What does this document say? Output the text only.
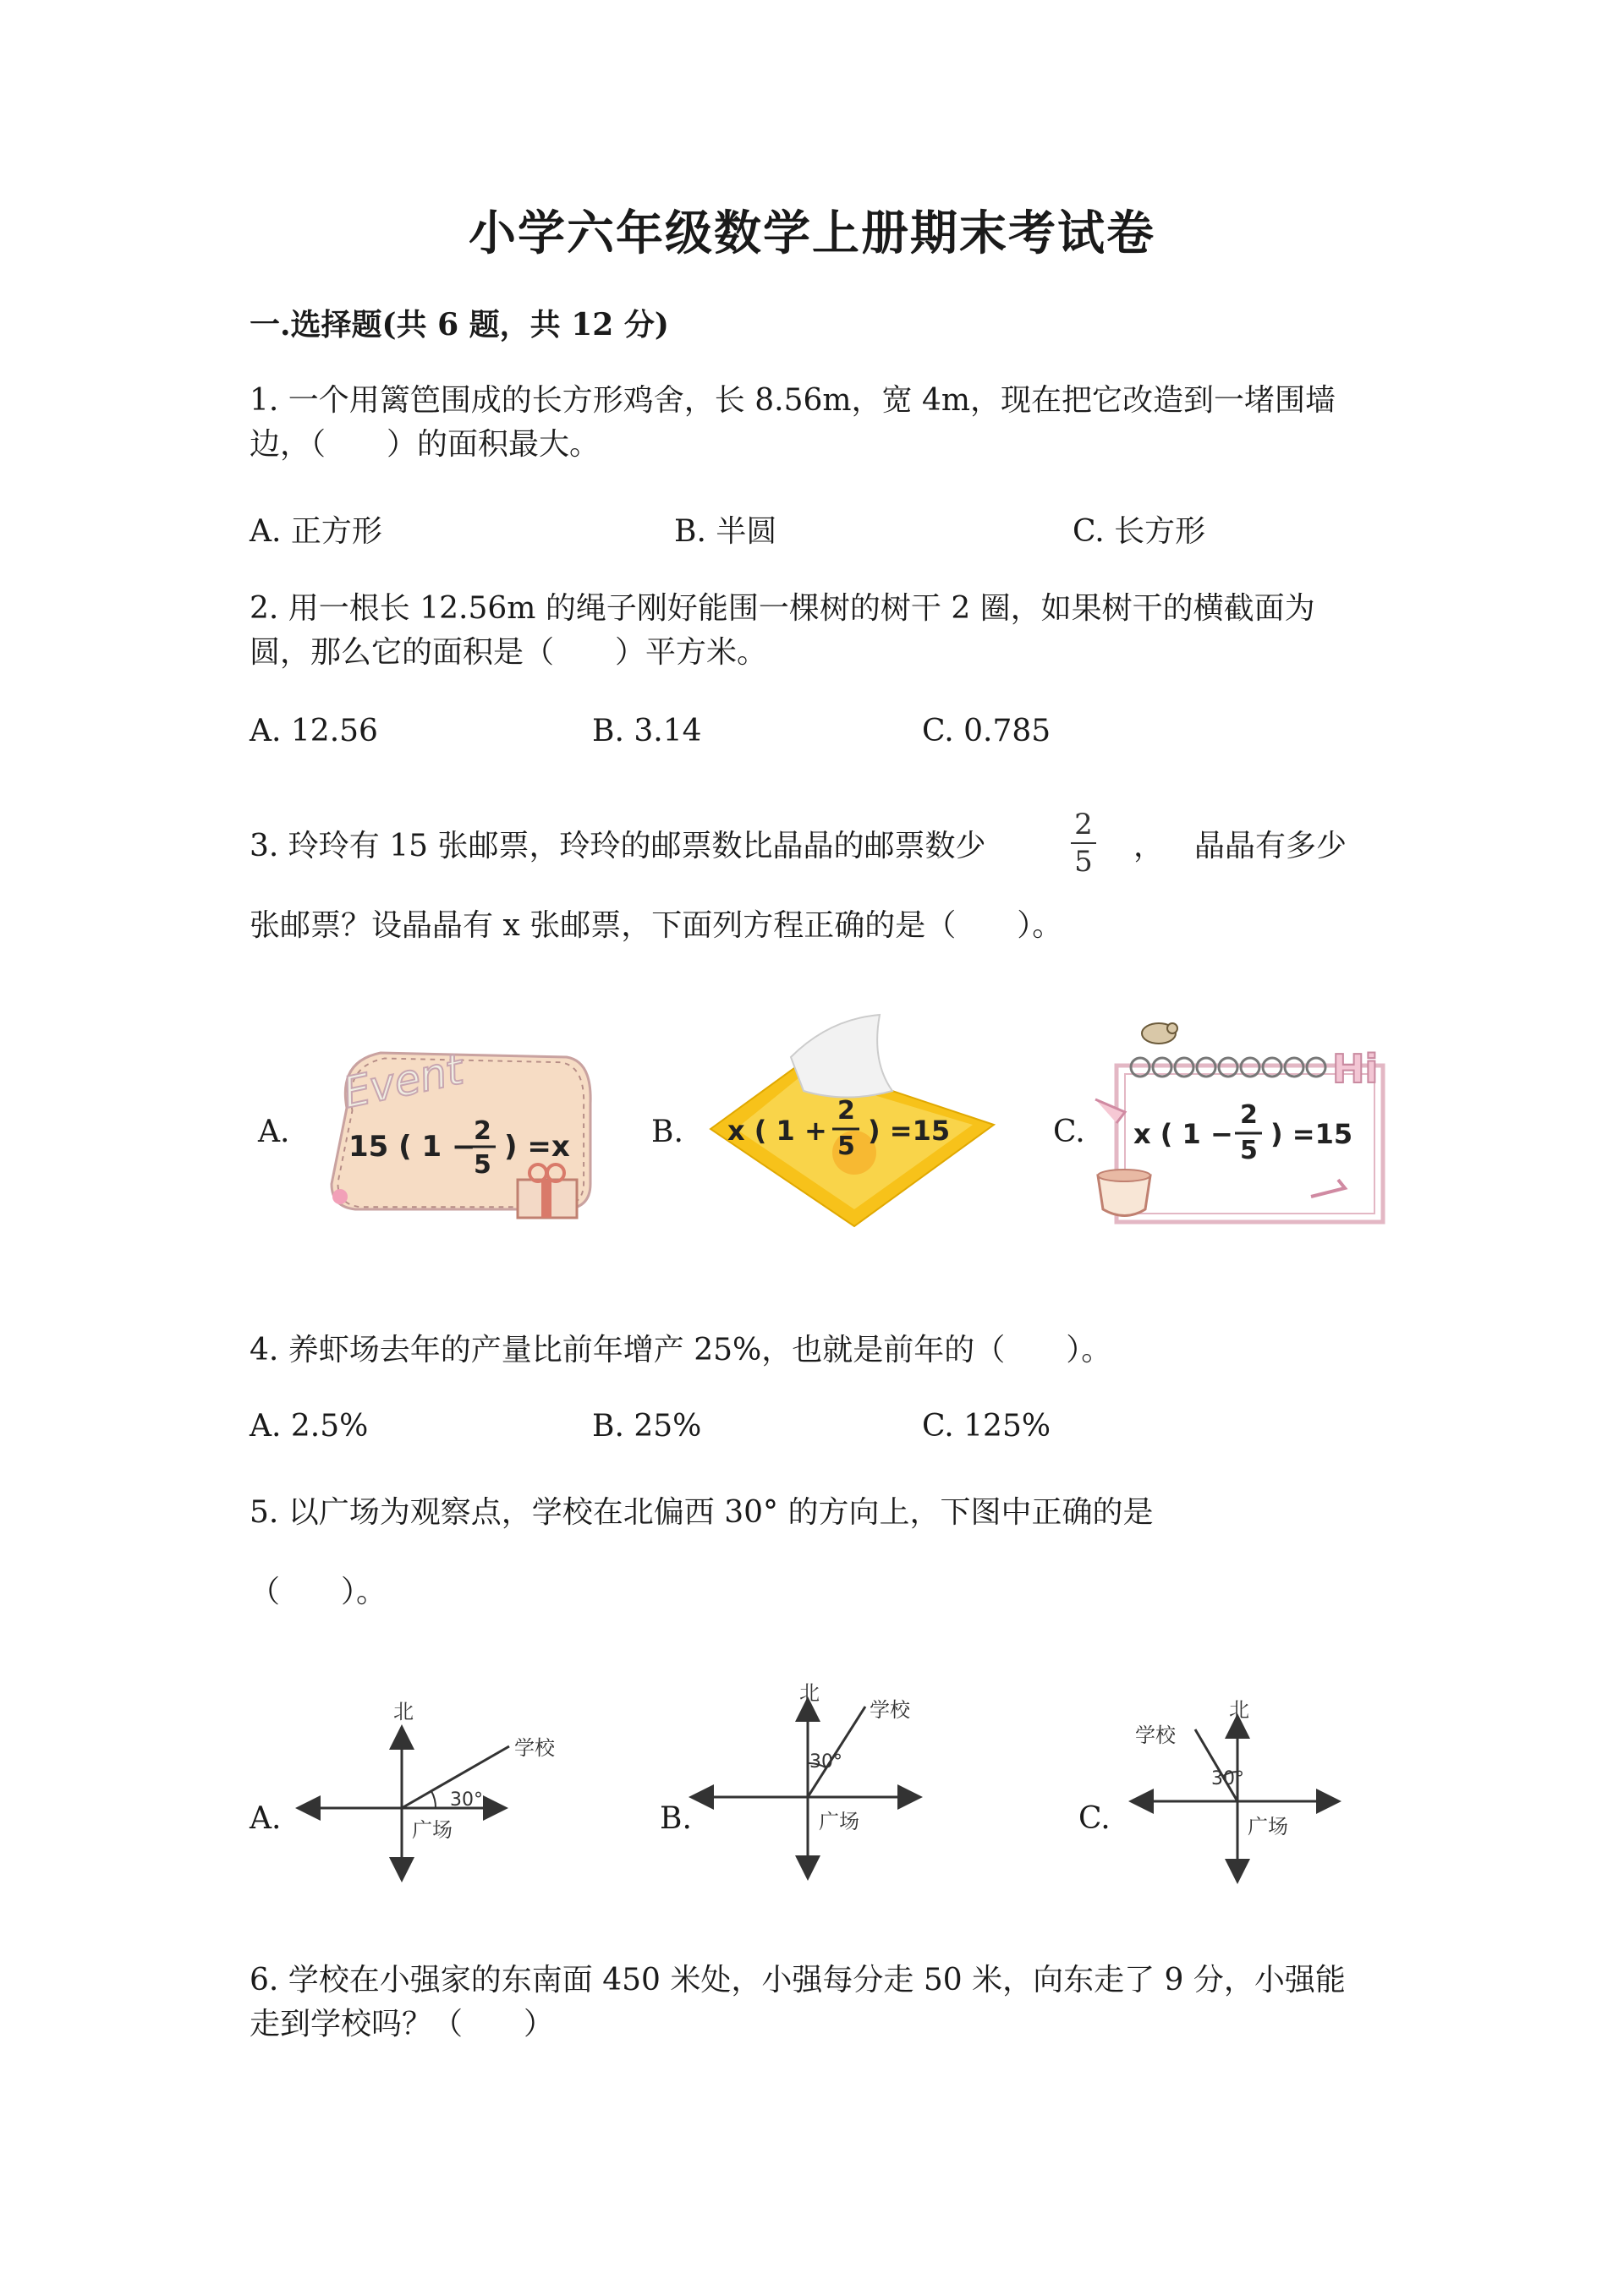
小学六年级数学上册期末考试卷
一.选择题(共 6 题，共 12 分)
1. 一个用篱笆围成的长方形鸡舍，长 8.56m，宽 4m，现在把它改造到一堵围墙
边，（　　）的面积最大。
A. 正方形	B. 半圆	C. 长方形
2. 用一根长 12.56m 的绳子刚好能围一棵树的树干 2 圈，如果树干的横截面为
圆，那么它的面积是（　　）平方米。
A. 12.56	B. 3.14	C. 0.785
3. 玲玲有 15 张邮票，玲玲的邮票数比晶晶的邮票数少
2
5 ， 晶晶有多少
张邮票？设晶晶有 x 张邮票，下面列方程正确的是（　　）。
A.	B.	C.
Event
15 ( 1 −
2
5
) =x	x ( 1 +
2
5 ) =15
Hi
x ( 1 −
2
5
) =15
4. 养虾场去年的产量比前年增产 25%，也就是前年的（　　）。
A. 2.5%	B. 25%	C. 125%
5. 以广场为观察点，学校在北偏西 30° 的方向上，下图中正确的是
（　　）。
A.	B.	C.
北
学校
广场
30°
北
学校
广场
30°
北
学校
广场
30°
6. 学校在小强家的东南面 450 米处，小强每分走 50 米，向东走了 9 分，小强能
走到学校吗？（　　）
